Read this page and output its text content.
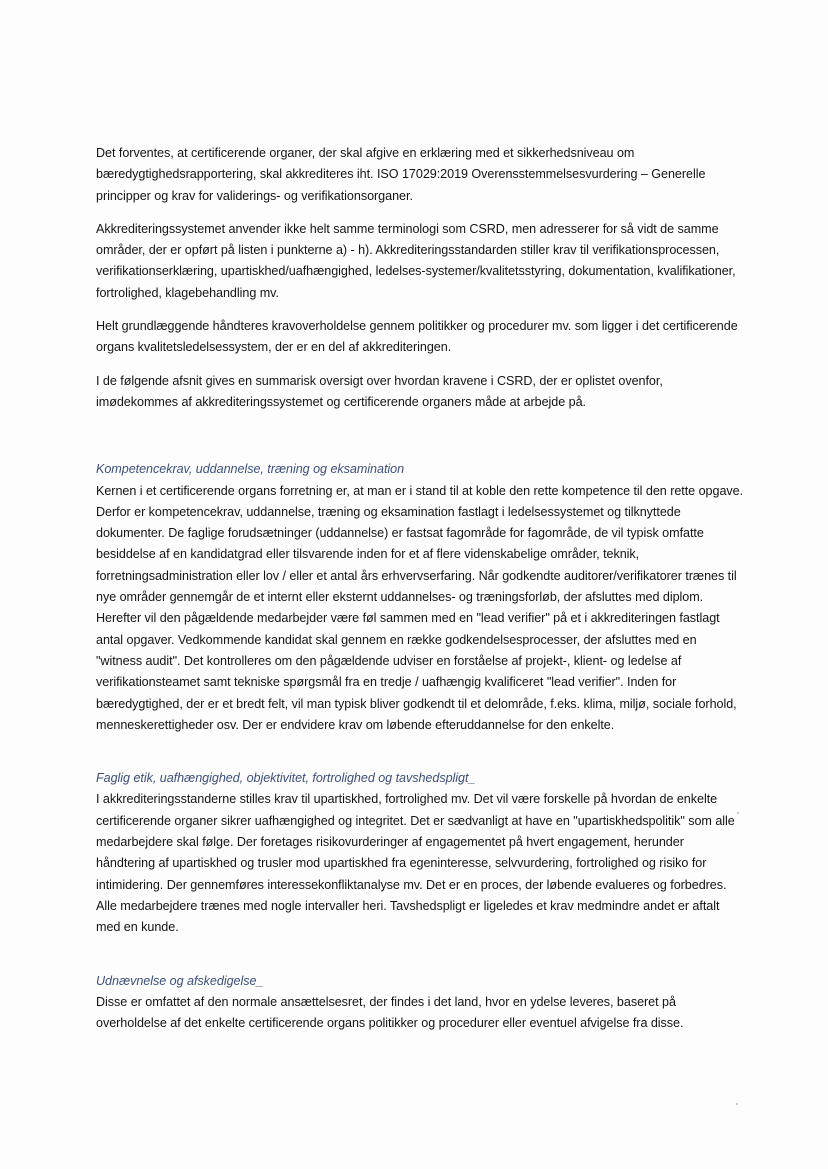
Det forventes, at certificerende organer, der skal afgive en erklæring med et sikkerhedsniveau om bæredygtighedsrapportering, skal akkrediteres iht. ISO 17029:2019 Overensstemmelsesvurdering – Generelle principper og krav for validerings- og verifikationsorganer.

Akkrediteringssystemet anvender ikke helt samme terminologi som CSRD, men adresserer for så vidt de samme områder, der er opført på listen i punkterne a) - h). Akkrediteringsstandarden stiller krav til verifikationsprocessen, verifikationserklæring, upartiskhed/uafhængighed, ledelses-systemer/kvalitetsstyring, dokumentation, kvalifikationer, fortrolighed, klagebehandling mv.

Helt grundlæggende håndteres kravoverholdelse gennem politikker og procedurer mv. som ligger i det certificerende organs kvalitetsledelsessystem, der er en del af akkrediteringen.

I de følgende afsnit gives en summarisk oversigt over hvordan kravene i CSRD, der er oplistet ovenfor, imødekommes af akkrediteringssystemet og certificerende organers måde at arbejde på.

Kompetencekrav, uddannelse, træning og eksamination

Kernen i et certificerende organs forretning er, at man er i stand til at koble den rette kompetence til den rette opgave. Derfor er kompetencekrav, uddannelse, træning og eksamination fastlagt i ledelsessystemet og tilknyttede dokumenter. De faglige forudsætninger (uddannelse) er fastsat fagområde for fagområde, de vil typisk omfatte besiddelse af en kandidatgrad eller tilsvarende inden for et af flere videnskabelige områder, teknik, forretningsadministration eller lov / eller et antal års erhvervserfaring. Når godkendte auditorer/verifikatorer trænes til nye områder gennemgår de et internt eller eksternt uddannelses- og træningsforløb, der afsluttes med diplom. Herefter vil den pågældende medarbejder være føl sammen med en "lead verifier" på et i akkrediteringen fastlagt antal opgaver. Vedkommende kandidat skal gennem en række godkendelsesprocesser, der afsluttes med en "witness audit". Det kontrolleres om den pågældende udviser en forståelse af projekt-, klient- og ledelse af verifikationsteamet samt tekniske spørgsmål fra en tredje / uafhængig kvalificeret "lead verifier". Inden for bæredygtighed, der er et bredt felt, vil man typisk bliver godkendt til et delområde, f.eks. klima, miljø, sociale forhold, menneskerettigheder osv. Der er endvidere krav om løbende efteruddannelse for den enkelte.

Faglig etik, uafhængighed, objektivitet, fortrolighed og tavshedspligt_

I akkrediteringsstanderne stilles krav til upartiskhed, fortrolighed mv. Det vil være forskelle på hvordan de enkelte certificerende organer sikrer uafhængighed og integritet. Det er sædvanligt at have en "upartiskhedspolitik" som alle medarbejdere skal følge. Der foretages risikovurderinger af engagementet på hvert engagement, herunder håndtering af upartiskhed og trusler mod upartiskhed fra egeninteresse, selvvurdering, fortrolighed og risiko for intimidering. Der gennemføres interessekonfliktanalyse mv. Det er en proces, der løbende evalueres og forbedres. Alle medarbejdere trænes med nogle intervaller heri. Tavshedspligt er ligeledes et krav medmindre andet er aftalt med en kunde.

Udnævnelse og afskedigelse_

Disse er omfattet af den normale ansættelsesret, der findes i det land, hvor en ydelse leveres, baseret på overholdelse af det enkelte certificerende organs politikker og procedurer eller eventuel afvigelse fra disse.
